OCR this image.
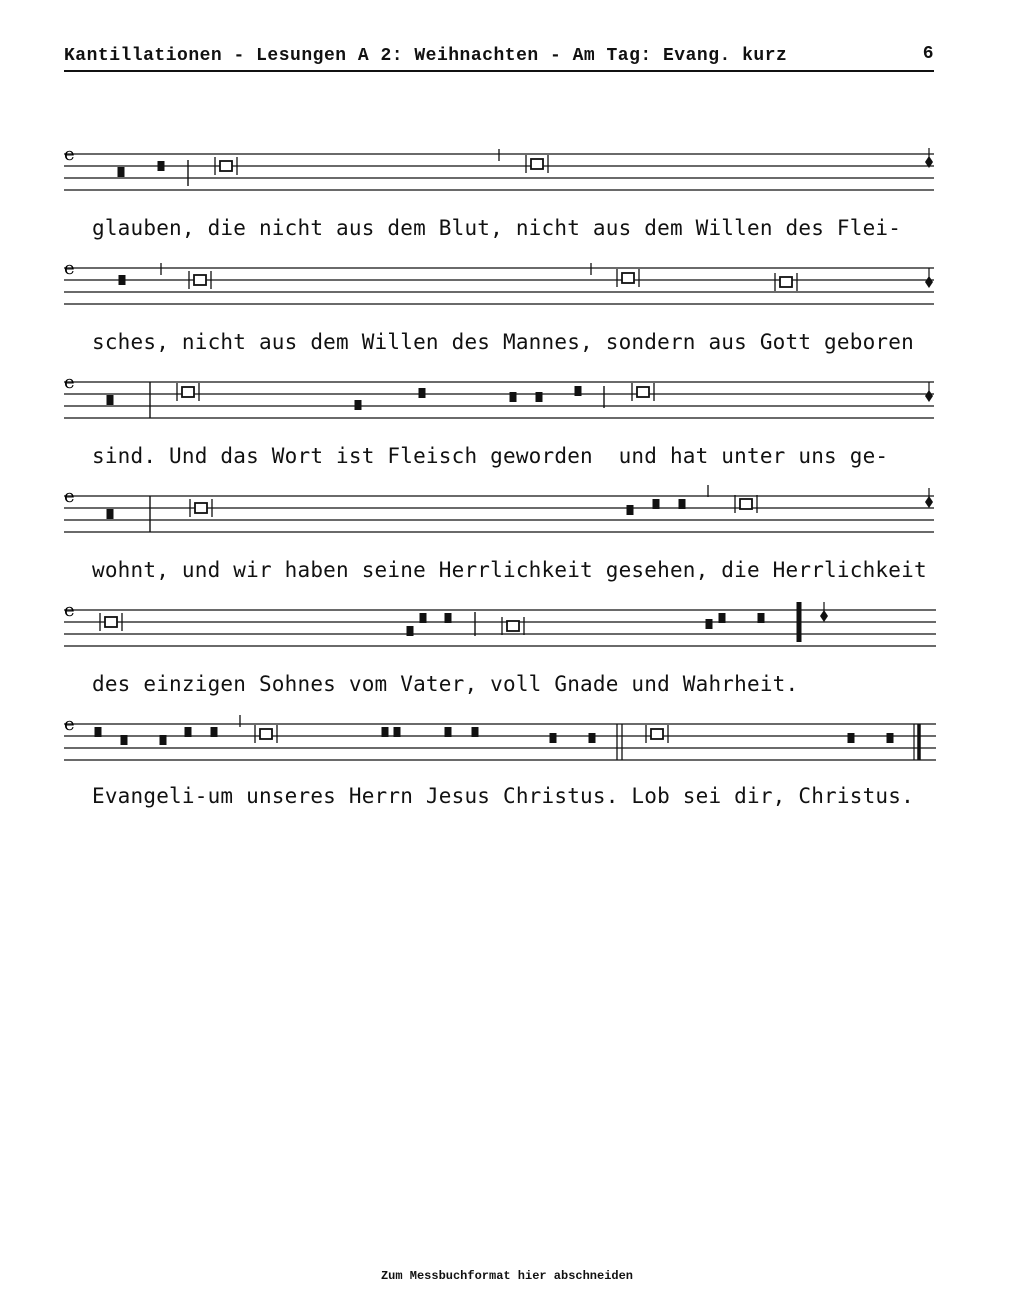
Kantillationen - Lesungen A 2: Weihnachten - Am Tag: Evang. kurz	6
e
glauben, die nicht aus dem Blut, nicht aus dem Willen des Flei-
e
sches, nicht aus dem Willen des Mannes, sondern aus Gott geboren
e
sind. Und das Wort ist Fleisch geworden  und hat unter uns ge-
e
wohnt, und wir haben seine Herrlichkeit gesehen, die Herrlichkeit
e
des einzigen Sohnes vom Vater, voll Gnade und Wahrheit.
e
Evangeli-um unseres Herrn Jesus Christus. Lob sei dir, Christus.
Zum Messbuchformat hier abschneiden
